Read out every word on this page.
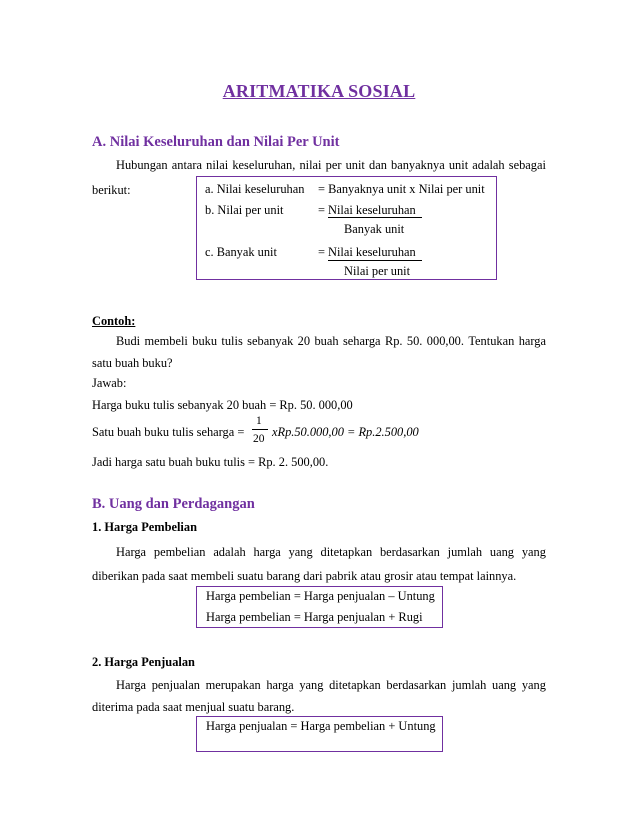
ARITMATIKA SOSIAL
A. Nilai Keseluruhan dan Nilai Per Unit
Hubungan antara nilai keseluruhan, nilai per unit dan banyaknya unit adalah sebagai
berikut:	a. Nilai keseluruhan = Banyaknya unit x Nilai per unit
b. Nilai per unit	= Nilai keseluruhan
Banyak unit
c. Banyak unit	= Nilai keseluruhan
Nilai per unit
Contoh:
Budi membeli buku tulis sebanyak 20 buah seharga Rp. 50. 000,00. Tentukan harga
satu buah buku?
Jawab:
Harga buku tulis sebanyak 20 buah = Rp. 50. 000,00
Satu buah buku tulis seharga =
1
20 xRp.50.000,00 = Rp.2.500,00
Jadi harga satu buah buku tulis = Rp. 2. 500,00.
B. Uang dan Perdagangan
1. Harga Pembelian
Harga pembelian adalah harga yang ditetapkan berdasarkan jumlah uang yang
diberikan pada saat membeli suatu barang dari pabrik atau grosir atau tempat lainnya.
Harga pembelian = Harga penjualan – Untung
Harga pembelian = Harga penjualan + Rugi
2. Harga Penjualan
Harga penjualan merupakan harga yang ditetapkan berdasarkan jumlah uang yang
diterima pada saat menjual suatu barang.
Harga penjualan = Harga pembelian + Untung
